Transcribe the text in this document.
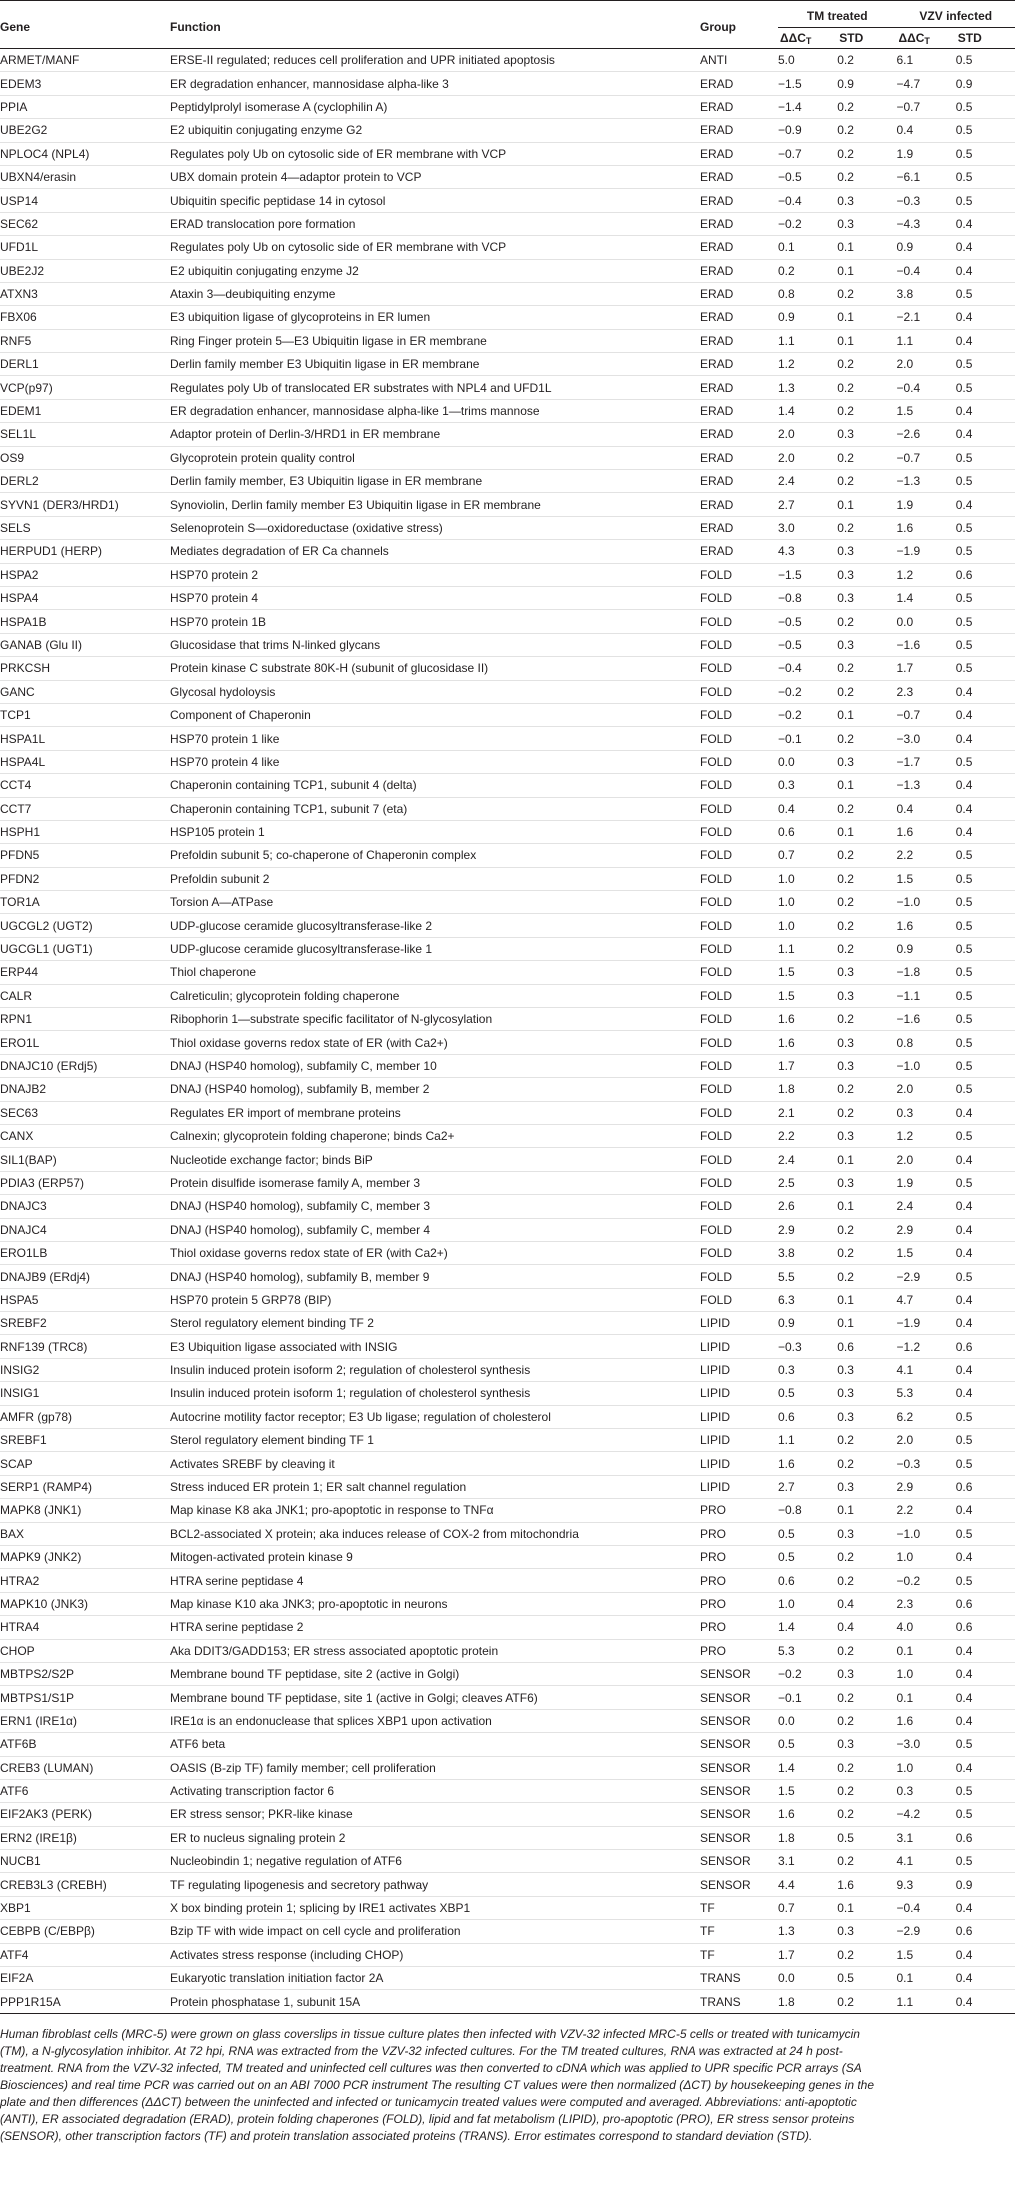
Gene	Function	Group	TM treated		VZV infected	
			$\Delta\Delta C_T$	STD	$\Delta\Delta C_T$	STD
ARMET/MANF	ERSE-II regulated; reduces cell proliferation and UPR initiated apoptosis	ANTI	5.0	0.2	6.1	0.5
EDEM3	ER degradation enhancer, mannosidase alpha-like 3	ERAD	−1.5	0.9	−4.7	0.9
PPIA	Peptidylprolyl isomerase A (cyclophilin A)	ERAD	−1.4	0.2	−0.7	0.5
UBE2G2	E2 ubiquitin conjugating enzyme G2	ERAD	−0.9	0.2	0.4	0.5
NPLOC4 (NPL4)	Regulates poly Ub on cytosolic side of ER membrane with VCP	ERAD	−0.7	0.2	1.9	0.5
UBXN4/erasin	UBX domain protein 4—adaptor protein to VCP	ERAD	−0.5	0.2	−6.1	0.5
USP14	Ubiquitin specific peptidase 14 in cytosol	ERAD	−0.4	0.3	−0.3	0.5
SEC62	ERAD translocation pore formation	ERAD	−0.2	0.3	−4.3	0.4
UFD1L	Regulates poly Ub on cytosolic side of ER membrane with VCP	ERAD	0.1	0.1	0.9	0.4
UBE2J2	E2 ubiquitin conjugating enzyme J2	ERAD	0.2	0.1	−0.4	0.4
ATXN3	Ataxin 3—deubiquiting enzyme	ERAD	0.8	0.2	3.8	0.5
FBX06	E3 ubiquition ligase of glycoproteins in ER lumen	ERAD	0.9	0.1	−2.1	0.4
RNF5	Ring Finger protein 5—E3 Ubiquitin ligase in ER membrane	ERAD	1.1	0.1	1.1	0.4
DERL1	Derlin family member E3 Ubiquitin ligase in ER membrane	ERAD	1.2	0.2	2.0	0.5
VCP(p97)	Regulates poly Ub of translocated ER substrates with NPL4 and UFD1L	ERAD	1.3	0.2	−0.4	0.5
EDEM1	ER degradation enhancer, mannosidase alpha-like 1—trims mannose	ERAD	1.4	0.2	1.5	0.4
SEL1L	Adaptor protein of Derlin-3/HRD1 in ER membrane	ERAD	2.0	0.3	−2.6	0.4
OS9	Glycoprotein protein quality control	ERAD	2.0	0.2	−0.7	0.5
DERL2	Derlin family member, E3 Ubiquitin ligase in ER membrane	ERAD	2.4	0.2	−1.3	0.5
SYVN1 (DER3/HRD1)	Synoviolin, Derlin family member E3 Ubiquitin ligase in ER membrane	ERAD	2.7	0.1	1.9	0.4
SELS	Selenoprotein S—oxidoreductase (oxidative stress)	ERAD	3.0	0.2	1.6	0.5
HERPUD1 (HERP)	Mediates degradation of ER Ca channels	ERAD	4.3	0.3	−1.9	0.5
HSPA2	HSP70 protein 2	FOLD	−1.5	0.3	1.2	0.6
HSPA4	HSP70 protein 4	FOLD	−0.8	0.3	1.4	0.5
HSPA1B	HSP70 protein 1B	FOLD	−0.5	0.2	0.0	0.5
GANAB (Glu II)	Glucosidase that trims N-linked glycans	FOLD	−0.5	0.3	−1.6	0.5
PRKCSH	Protein kinase C substrate 80K-H (subunit of glucosidase II)	FOLD	−0.4	0.2	1.7	0.5
GANC	Glycosal hydoloysis	FOLD	−0.2	0.2	2.3	0.4
TCP1	Component of Chaperonin	FOLD	−0.2	0.1	−0.7	0.4
HSPA1L	HSP70 protein 1 like	FOLD	−0.1	0.2	−3.0	0.4
HSPA4L	HSP70 protein 4 like	FOLD	0.0	0.3	−1.7	0.5
CCT4	Chaperonin containing TCP1, subunit 4 (delta)	FOLD	0.3	0.1	−1.3	0.4
CCT7	Chaperonin containing TCP1, subunit 7 (eta)	FOLD	0.4	0.2	0.4	0.4
HSPH1	HSP105 protein 1	FOLD	0.6	0.1	1.6	0.4
PFDN5	Prefoldin subunit 5; co-chaperone of Chaperonin complex	FOLD	0.7	0.2	2.2	0.5
PFDN2	Prefoldin subunit 2	FOLD	1.0	0.2	1.5	0.5
TOR1A	Torsion A—ATPase	FOLD	1.0	0.2	−1.0	0.5
UGCGL2 (UGT2)	UDP-glucose ceramide glucosyltransferase-like 2	FOLD	1.0	0.2	1.6	0.5
UGCGL1 (UGT1)	UDP-glucose ceramide glucosyltransferase-like 1	FOLD	1.1	0.2	0.9	0.5
ERP44	Thiol chaperone	FOLD	1.5	0.3	−1.8	0.5
CALR	Calreticulin; glycoprotein folding chaperone	FOLD	1.5	0.3	−1.1	0.5
RPN1	Ribophorin 1—substrate specific facilitator of N-glycosylation	FOLD	1.6	0.2	−1.6	0.5
ERO1L	Thiol oxidase governs redox state of ER (with Ca2+)	FOLD	1.6	0.3	0.8	0.5
DNAJC10 (ERdj5)	DNAJ (HSP40 homolog), subfamily C, member 10	FOLD	1.7	0.3	−1.0	0.5
DNAJB2	DNAJ (HSP40 homolog), subfamily B, member 2	FOLD	1.8	0.2	2.0	0.5
SEC63	Regulates ER import of membrane proteins	FOLD	2.1	0.2	0.3	0.4
CANX	Calnexin; glycoprotein folding chaperone; binds Ca2+	FOLD	2.2	0.3	1.2	0.5
SIL1(BAP)	Nucleotide exchange factor; binds BiP	FOLD	2.4	0.1	2.0	0.4
PDIA3 (ERP57)	Protein disulfide isomerase family A, member 3	FOLD	2.5	0.3	1.9	0.5
DNAJC3	DNAJ (HSP40 homolog), subfamily C, member 3	FOLD	2.6	0.1	2.4	0.4
DNAJC4	DNAJ (HSP40 homolog), subfamily C, member 4	FOLD	2.9	0.2	2.9	0.4
ERO1LB	Thiol oxidase governs redox state of ER (with Ca2+)	FOLD	3.8	0.2	1.5	0.4
DNAJB9 (ERdj4)	DNAJ (HSP40 homolog), subfamily B, member 9	FOLD	5.5	0.2	−2.9	0.5
HSPA5	HSP70 protein 5 GRP78 (BIP)	FOLD	6.3	0.1	4.7	0.4
SREBF2	Sterol regulatory element binding TF 2	LIPID	0.9	0.1	−1.9	0.4
RNF139 (TRC8)	E3 Ubiquition ligase associated with INSIG	LIPID	−0.3	0.6	−1.2	0.6
INSIG2	Insulin induced protein isoform 2; regulation of cholesterol synthesis	LIPID	0.3	0.3	4.1	0.4
INSIG1	Insulin induced protein isoform 1; regulation of cholesterol synthesis	LIPID	0.5	0.3	5.3	0.4
AMFR (gp78)	Autocrine motility factor receptor; E3 Ub ligase; regulation of cholesterol	LIPID	0.6	0.3	6.2	0.5
SREBF1	Sterol regulatory element binding TF 1	LIPID	1.1	0.2	2.0	0.5
SCAP	Activates SREBF by cleaving it	LIPID	1.6	0.2	−0.3	0.5
SERP1 (RAMP4)	Stress induced ER protein 1; ER salt channel regulation	LIPID	2.7	0.3	2.9	0.6
MAPK8 (JNK1)	Map kinase K8 aka JNK1; pro-apoptotic in response to TNFα	PRO	−0.8	0.1	2.2	0.4
BAX	BCL2-associated X protein; aka induces release of COX-2 from mitochondria	PRO	0.5	0.3	−1.0	0.5
MAPK9 (JNK2)	Mitogen-activated protein kinase 9	PRO	0.5	0.2	1.0	0.4
HTRA2	HTRA serine peptidase 4	PRO	0.6	0.2	−0.2	0.5
MAPK10 (JNK3)	Map kinase K10 aka JNK3; pro-apoptotic in neurons	PRO	1.0	0.4	2.3	0.6
HTRA4	HTRA serine peptidase 2	PRO	1.4	0.4	4.0	0.6
CHOP	Aka DDIT3/GADD153; ER stress associated apoptotic protein	PRO	5.3	0.2	0.1	0.4
MBTPS2/S2P	Membrane bound TF peptidase, site 2 (active in Golgi)	SENSOR	−0.2	0.3	1.0	0.4
MBTPS1/S1P	Membrane bound TF peptidase, site 1 (active in Golgi; cleaves ATF6)	SENSOR	−0.1	0.2	0.1	0.4
ERN1 (IRE1α)	IRE1α is an endonuclease that splices XBP1 upon activation	SENSOR	0.0	0.2	1.6	0.4
ATF6B	ATF6 beta	SENSOR	0.5	0.3	−3.0	0.5
CREB3 (LUMAN)	OASIS (B-zip TF) family member; cell proliferation	SENSOR	1.4	0.2	1.0	0.4
ATF6	Activating transcription factor 6	SENSOR	1.5	0.2	0.3	0.5
EIF2AK3 (PERK)	ER stress sensor; PKR-like kinase	SENSOR	1.6	0.2	−4.2	0.5
ERN2 (IRE1β)	ER to nucleus signaling protein 2	SENSOR	1.8	0.5	3.1	0.6
NUCB1	Nucleobindin 1; negative regulation of ATF6	SENSOR	3.1	0.2	4.1	0.5
CREB3L3 (CREBH)	TF regulating lipogenesis and secretory pathway	SENSOR	4.4	1.6	9.3	0.9
XBP1	X box binding protein 1; splicing by IRE1 activates XBP1	TF	0.7	0.1	−0.4	0.4
CEBPB (C/EBPβ)	Bzip TF with wide impact on cell cycle and proliferation	TF	1.3	0.3	−2.9	0.6
ATF4	Activates stress response (including CHOP)	TF	1.7	0.2	1.5	0.4
EIF2A	Eukaryotic translation initiation factor 2A	TRANS	0.0	0.5	0.1	0.4
PPP1R15A	Protein phosphatase 1, subunit 15A	TRANS	1.8	0.2	1.1	0.4
Human fibroblast cells (MRC-5) were grown on glass coverslips in tissue culture plates then infected with VZV-32 infected MRC-5 cells or treated with tunicamycin
(TM), a N-glycosylation inhibitor. At 72 hpi, RNA was extracted from the VZV-32 infected cultures. For the TM treated cultures, RNA was extracted at 24 h post-
treatment. RNA from the VZV-32 infected, TM treated and uninfected cell cultures was then converted to cDNA which was applied to UPR specific PCR arrays (SA
Biosciences) and real time PCR was carried out on an ABI 7000 PCR instrument The resulting CT values were then normalized (ΔCT) by housekeeping genes in the
plate and then differences (ΔΔCT) between the uninfected and infected or tunicamycin treated values were computed and averaged. Abbreviations: anti-apoptotic
(ANTI), ER associated degradation (ERAD), protein folding chaperones (FOLD), lipid and fat metabolism (LIPID), pro-apoptotic (PRO), ER stress sensor proteins
(SENSOR), other transcription factors (TF) and protein translation associated proteins (TRANS). Error estimates correspond to standard deviation (STD).
